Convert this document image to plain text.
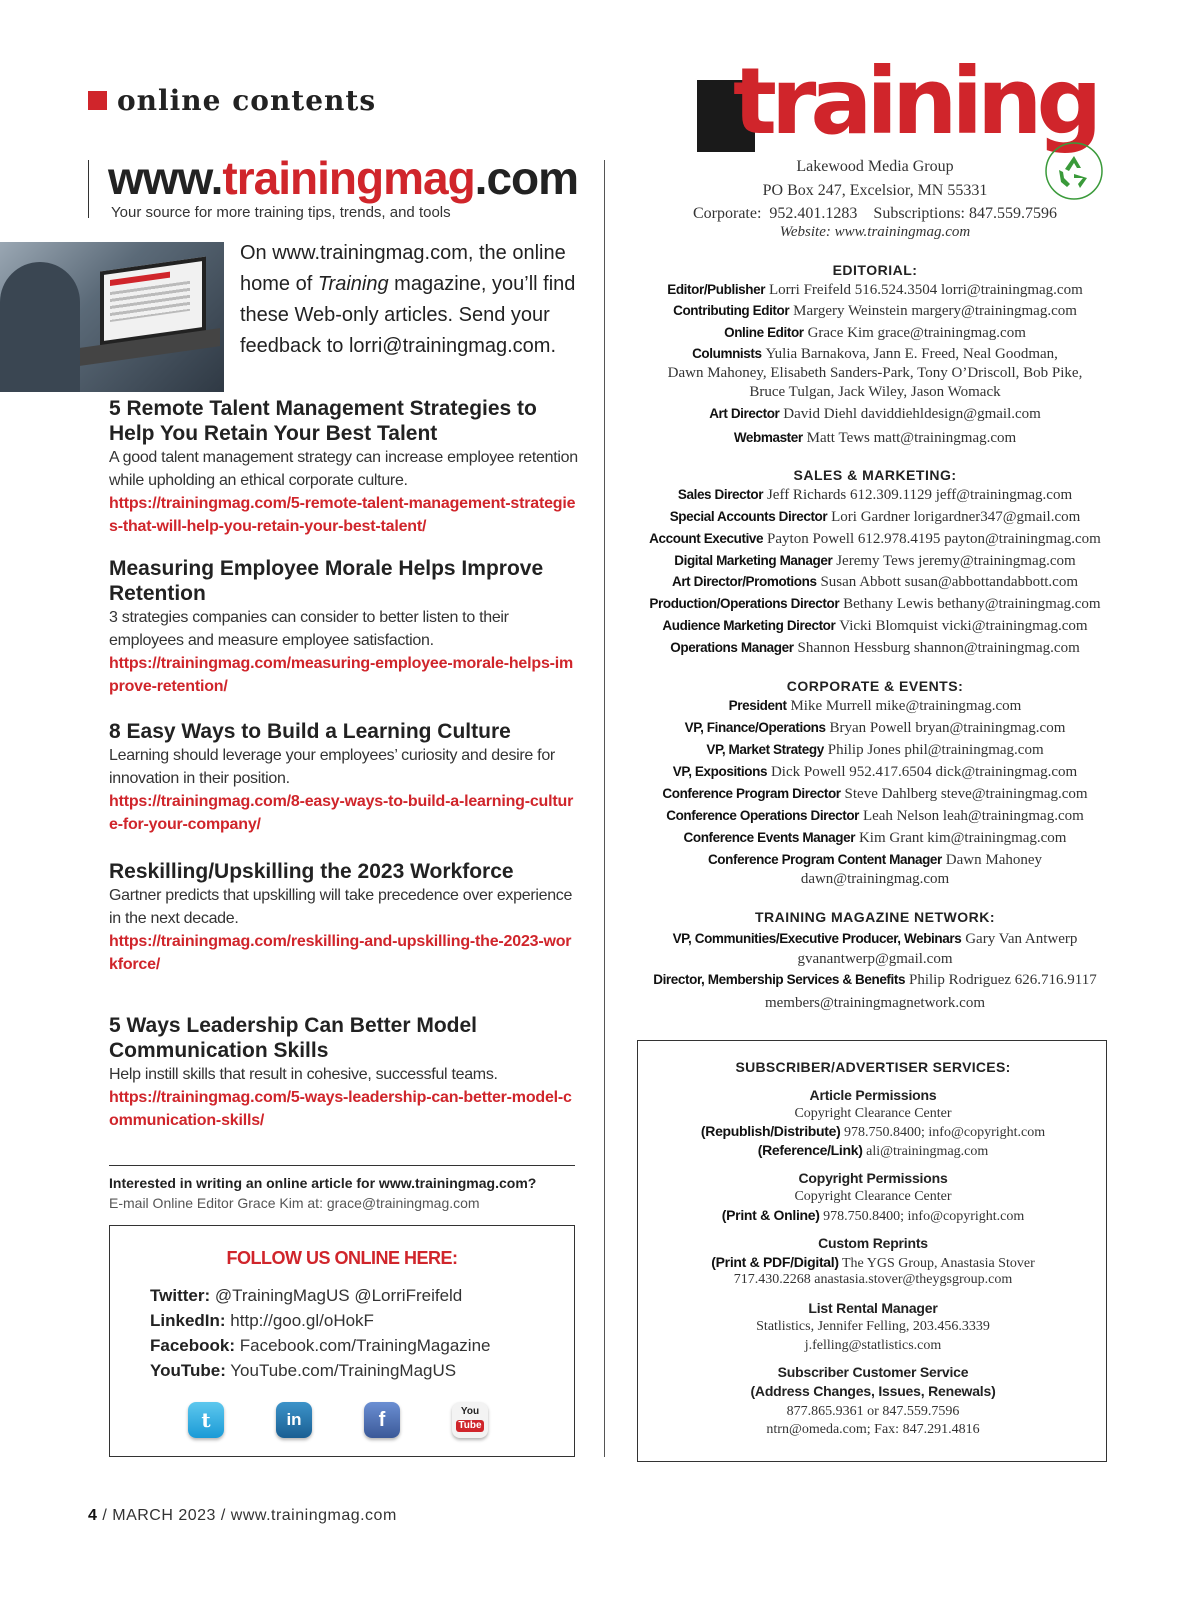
online contents
www.trainingmag.com
Your source for more training tips, trends, and tools
On www.trainingmag.com, the online home of Training magazine, you’ll find these Web-only articles. Send your feedback to lorri@trainingmag.com.
5 Remote Talent Management Strategies to Help You Retain Your Best Talent
A good talent management strategy can increase employee retention while upholding an ethical corporate culture.
https://trainingmag.com/5-remote-talent-management-strategies-that-will-help-you-retain-your-best-talent/
Measuring Employee Morale Helps Improve Retention
3 strategies companies can consider to better listen to their employees and measure employee satisfaction.
https://trainingmag.com/measuring-employee-morale-helps-improve-retention/
8 Easy Ways to Build a Learning Culture
Learning should leverage your employees’ curiosity and desire for innovation in their position.
https://trainingmag.com/8-easy-ways-to-build-a-learning-culture-for-your-company/
Reskilling/Upskilling the 2023 Workforce
Gartner predicts that upskilling will take precedence over experience in the next decade.
https://trainingmag.com/reskilling-and-upskilling-the-2023-workforce/
5 Ways Leadership Can Better Model Communication Skills
Help instill skills that result in cohesive, successful teams.
https://trainingmag.com/5-ways-leadership-can-better-model-communication-skills/
Interested in writing an online article for www.trainingmag.com?
E-mail Online Editor Grace Kim at: grace@trainingmag.com
FOLLOW US ONLINE HERE:
Twitter: @TrainingMagUS @LorriFreifeld
LinkedIn: http://goo.gl/oHokF
Facebook: Facebook.com/TrainingMagazine
YouTube: YouTube.com/TrainingMagUS
t	in	f	You
Tube
training
Lakewood Media Group
PO Box 247, Excelsior, MN 55331
Corporate:  952.401.1283    Subscriptions: 847.559.7596
Website: www.trainingmag.com
EDITORIAL:
Editor/Publisher Lorri Freifeld 516.524.3504 lorri@trainingmag.com
Contributing Editor Margery Weinstein margery@trainingmag.com
Online Editor Grace Kim grace@trainingmag.com
Columnists Yulia Barnakova, Jann E. Freed, Neal Goodman,
Dawn Mahoney, Elisabeth Sanders-Park, Tony O’Driscoll, Bob Pike,
Bruce Tulgan, Jack Wiley, Jason Womack
Art Director David Diehl daviddiehldesign@gmail.com
Webmaster Matt Tews matt@trainingmag.com
SALES & MARKETING:
Sales Director Jeff Richards 612.309.1129 jeff@trainingmag.com
Special Accounts Director Lori Gardner lorigardner347@gmail.com
Account Executive Payton Powell 612.978.4195 payton@trainingmag.com
Digital Marketing Manager Jeremy Tews jeremy@trainingmag.com
Art Director/Promotions Susan Abbott susan@abbottandabbott.com
Production/Operations Director Bethany Lewis bethany@trainingmag.com
Audience Marketing Director Vicki Blomquist vicki@trainingmag.com
Operations Manager Shannon Hessburg shannon@trainingmag.com
CORPORATE & EVENTS:
President Mike Murrell mike@trainingmag.com
VP, Finance/Operations Bryan Powell bryan@trainingmag.com
VP, Market Strategy Philip Jones phil@trainingmag.com
VP, Expositions Dick Powell 952.417.6504 dick@trainingmag.com
Conference Program Director Steve Dahlberg steve@trainingmag.com
Conference Operations Director Leah Nelson leah@trainingmag.com
Conference Events Manager Kim Grant kim@trainingmag.com
Conference Program Content Manager Dawn Mahoney
dawn@trainingmag.com
TRAINING MAGAZINE NETWORK:
VP, Communities/Executive Producer, Webinars Gary Van Antwerp
gvanantwerp@gmail.com
Director, Membership Services & Benefits Philip Rodriguez 626.716.9117
members@trainingmagnetwork.com
SUBSCRIBER/ADVERTISER SERVICES:
Article Permissions
Copyright Clearance Center
(Republish/Distribute) 978.750.8400; info@copyright.com
(Reference/Link) ali@trainingmag.com
Copyright Permissions
Copyright Clearance Center
(Print & Online) 978.750.8400; info@copyright.com
Custom Reprints
(Print & PDF/Digital) The YGS Group, Anastasia Stover
717.430.2268 anastasia.stover@theygsgroup.com
List Rental Manager
Statlistics, Jennifer Felling, 203.456.3339
j.felling@statlistics.com
Subscriber Customer Service
(Address Changes, Issues, Renewals)
877.865.9361 or 847.559.7596
ntrn@omeda.com; Fax: 847.291.4816
4 / MARCH 2023 / www.trainingmag.com
